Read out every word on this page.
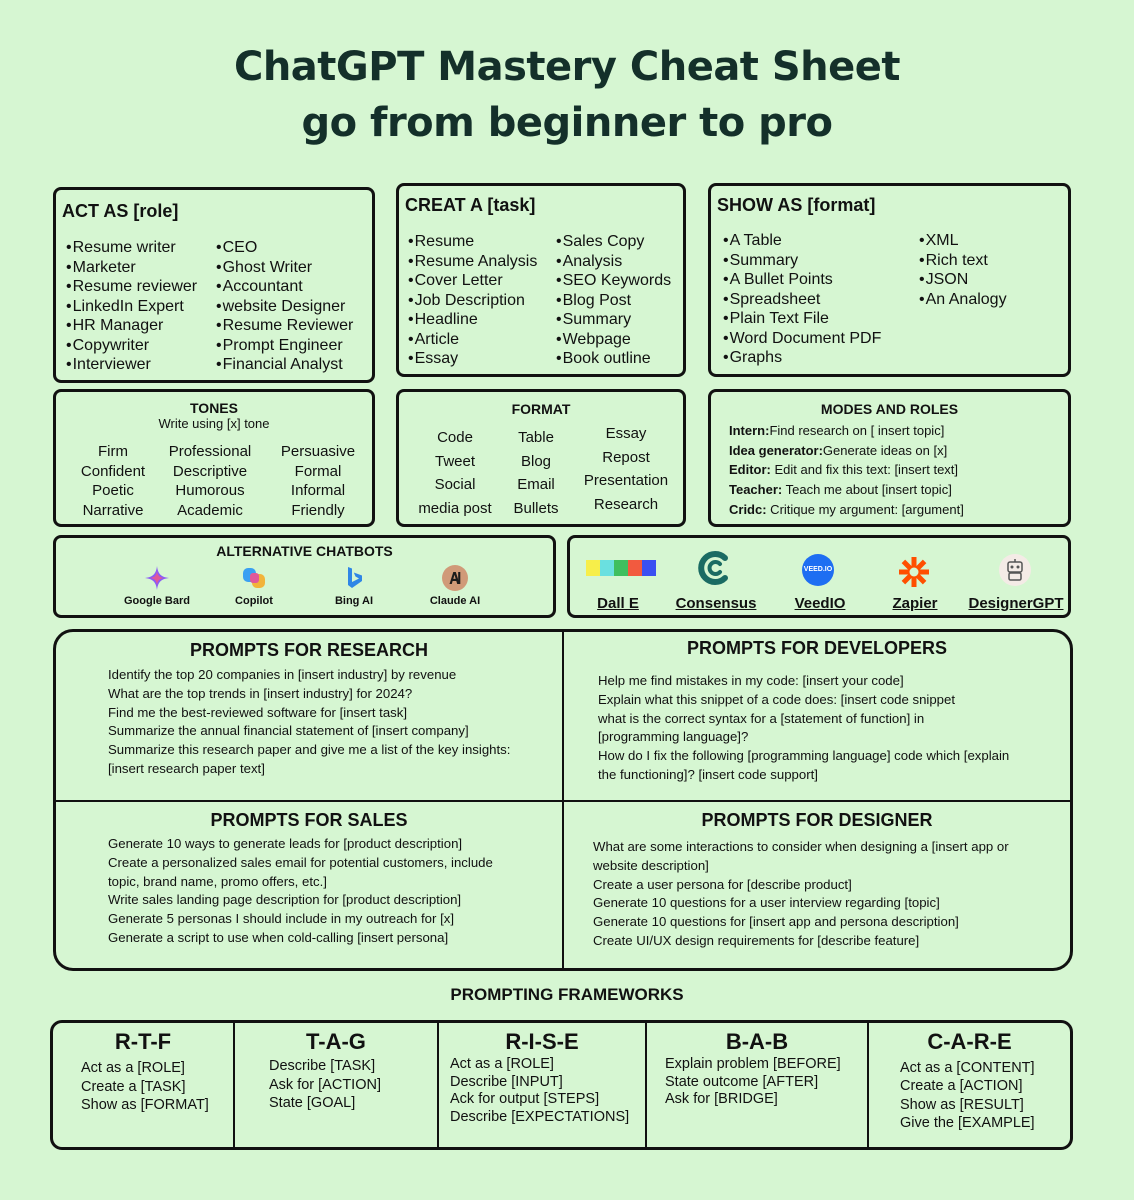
ChatGPT Mastery Cheat Sheet
go from beginner to pro
ACT AS [role]
• Resume writer
• Marketer
• Resume reviewer
• LinkedIn Expert
• HR Manager
• Copywriter
• Interviewer
• CEO
• Ghost Writer
• Accountant
• website Designer
• Resume Reviewer
• Prompt Engineer
• Financial Analyst
CREAT A [task]
• Resume
• Resume Analysis
• Cover Letter
• Job Description
• Headline
• Article
• Essay
• Sales Copy
• Analysis
• SEO Keywords
• Blog Post
• Summary
• Webpage
• Book outline
SHOW AS [format]
• A Table
• Summary
• A Bullet Points
• Spreadsheet
• Plain Text File
• Word Document PDF
• Graphs
• XML
• Rich text
• JSON
• An Analogy
TONES
Write using [x] tone
Firm
Confident
Poetic
Narrative
Professional
Descriptive
Humorous
Academic
Persuasive
Formal
Informal
Friendly
FORMAT
Code
Tweet
Social
media post
Table
Blog
Email
Bullets
Essay
Repost
Presentation
Research
MODES AND ROLES
Intern:Find research on [ insert topic]
Idea generator:Generate ideas on [x]
Editor: Edit and fix this text: [insert text]
Teacher: Teach me about [insert topic]
Cridc: Critique my argument: [argument]
ALTERNATIVE CHATBOTS
Google Bard	Copilot	Bing AI	Claude AI	Dall E	Consensus
VEED.IO
VeedIO	Zapier	DesignerGPT
PROMPTS FOR RESEARCH
Identify the top 20 companies in [insert industry] by revenue
What are the top trends in [insert industry] for 2024?
Find me the best-reviewed software for [insert task]
Summarize the annual financial statement of [insert company]
Summarize this research paper and give me a list of the key insights:
[insert research paper text]
PROMPTS FOR DEVELOPERS
Help me find mistakes in my code: [insert your code]
Explain what this snippet of a code does: [insert code snippet
what is the correct syntax for a [statement of function] in
[programming language]?
How do I fix the following [programming language] code which [explain
the functioning]? [insert code support]
PROMPTS FOR SALES
Generate 10 ways to generate leads for [product description]
Create a personalized sales email for potential customers, include
topic, brand name, promo offers, etc.]
Write sales landing page description for [product description]
Generate 5 personas I should include in my outreach for [x]
Generate a script to use when cold-calling [insert persona]
PROMPTS FOR DESIGNER
What are some interactions to consider when designing a [insert app or
website description]
Create a user persona for [describe product]
Generate 10 questions for a user interview regarding [topic]
Generate 10 questions for [insert app and persona description]
Create UI/UX design requirements for [describe feature]
PROMPTING FRAMEWORKS
R-T-F
Act as a [ROLE]
Create a [TASK]
Show as [FORMAT]
T-A-G
Describe [TASK]
Ask for [ACTION]
State [GOAL]
R-I-S-E
Act as a [ROLE]
Describe [INPUT]
Ack for output [STEPS]
Describe [EXPECTATIONS]
B-A-B
Explain problem [BEFORE]
State outcome [AFTER]
Ask for [BRIDGE]
C-A-R-E
Act as a [CONTENT]
Create a [ACTION]
Show as [RESULT]
Give the [EXAMPLE]
